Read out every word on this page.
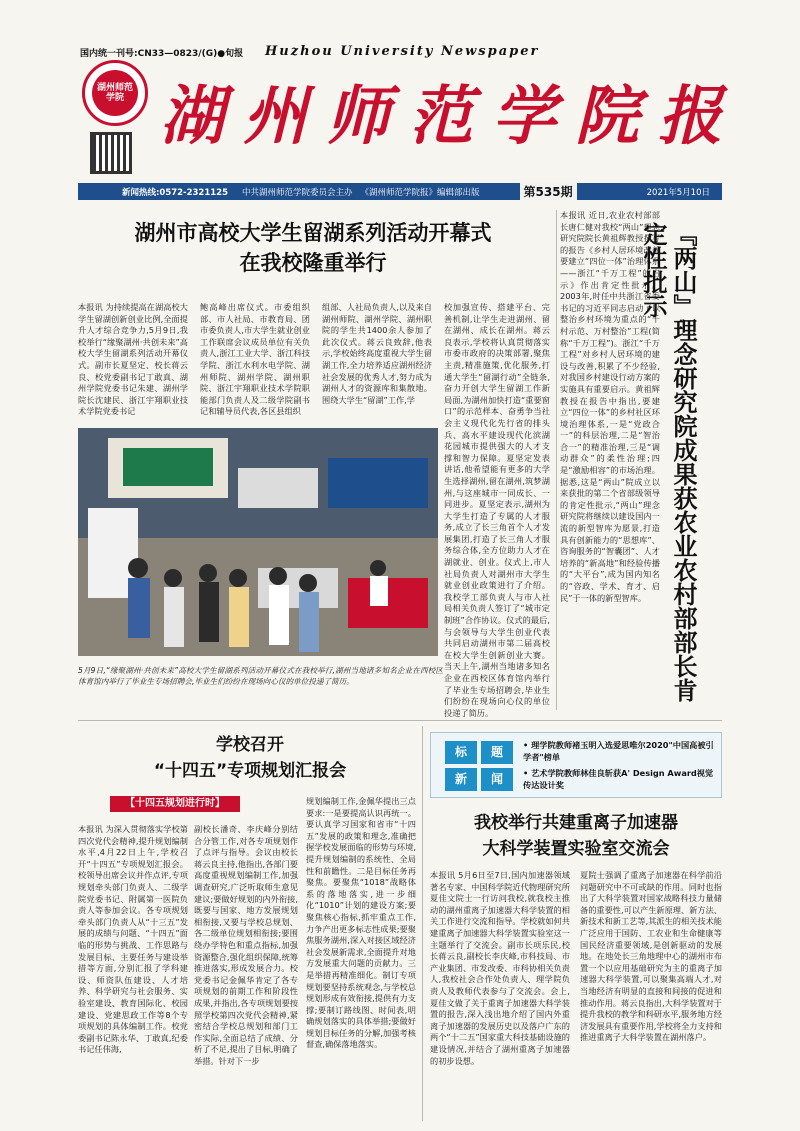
国内统一刊号:CN33—0823/(G)●旬报 Huzhou University Newspaper
湖州师范学院 湖 州 师 范 学 院 报
新闻热线:0572-2321125 中共湖州师范学院委员会主办 《湖州师范学院报》编辑部出版	第535期	2021年5月10日
湖州市高校大学生留湖系列活动开幕式
在我校隆重举行
本报讯 为持续提高在湖高校大学生留湖创新创业比例,全面提升人才综合竞争力,5月9日,我校举行“缘聚湖州·共创未来”高校大学生留湖系列活动开幕仪式。副市长夏坚定、校长蒋云良、校党委副书记丁敢真、湖州学院党委书记朱建、湖州学院长沈建民、浙江宇翔职业技术学院党委书记
鲍高峰出席仪式。市委组织部、市人社局、市教育局、团市委负责人,市大学生就业创业工作联席会议成员单位有关负责人,浙江工业大学、浙江科技学院、浙江水利水电学院、湖州师院、湖州学院、湖州职院、浙江宇翔职业技术学院职能部门负责人及二级学院副书记和辅导员代表,各区县组织
组部、人社局负责人,以及来自湖州师院、湖州学院、湖州职院的学生共1400余人参加了此次仪式。蒋云良致辞,他表示,学校始终高度重视大学生留湖工作,全力培养适应湖州经济社会发展的优秀人才,努力成为湖州人才的资源库和集散地。围绕大学生“留湖”工作,学
校加强宣传、搭建平台、完善机制,让学生走进湖州、留在湖州、成长在湖州。蒋云良表示,学校将认真贯彻落实市委市政府的决策部署,聚焦主责,精准施策,优化服务,打通大学生“留湖行动”全链条,奋力开创大学生留湖工作新局面,为湖州加快打造“重要窗口”的示范样本、奋勇争当社会主义现代化先行省的排头兵、高水平建设现代化滨湖花园城市提供强大的人才支撑和智力保障。夏坚定发表讲话,他希望能有更多的大学生选择湖州,留在湖州,筑梦湖州,与这座城市一同成长、一同进步。夏坚定表示,湖州为大学生打造了专属的人才服务,成立了长三角首个人才发展集团,打造了长三角人才服务综合体,全方位助力人才在湖就业、创业。仪式上,市人社局负责人对湖州市大学生就业创业政策进行了介绍。我校学工部负责人与市人社局相关负责人签订了“城市定制班”合作协议。仪式的最后,与会领导与大学生创业代表共同启动湖州市第二届高校在校大学生创新创业大赛。当天上午,湖州当地诸多知名企业在西校区体育馆内举行了毕业生专场招聘会,毕业生们纷纷在现场向心仪的单位投递了简历。
5月9日,“缘聚湖州·共创未来”高校大学生留湖系列活动开幕仪式在我校举行,湖州当地诸多知名企业在西校区体育馆内举行了毕业生专场招聘会,毕业生们纷纷在现场向心仪的单位投递了简历。
本报讯 近日,农业农村部部长唐仁健对我校“两山”理念研究院院长黄祖辉教授撰写的报告《乡村人居环境改善要建立“四位一体”治理体系——浙江“千万工程”的启示》作出肯定性批示。2003年,时任中共浙江省委书记的习近平同志启动了以整治乡村环境为重点的“千村示范、万村整治”工程(简称“千万工程”)。浙江“千万工程”对乡村人居环境的建设与改善,积累了不少经验,对我国乡村建设行动方案的实施具有重要启示。黄祖辉教授在报告中指出,要建立“四位一体”的乡村社区环境治理体系,一是“党政合一”的科层治理,二是“智治合一”的精准治理,三是“调动群众”的柔性治理;四是“激励相容”的市场治理。据悉,这是“两山”院成立以来获批的第二个省部级领导的肯定性批示,“两山”理念研究院将继续以建设国内一流的新型智库为愿景,打造具有创新能力的“思想库”、咨询服务的“智囊团”、人才培养的“新高地”和经验传播的“大平台”,成为国内知名的“咨政、学术、育才、启民”于一体的新型智库。 『两山』理念研究院成果获农业农村部部长肯定性批示
学校召开
“十四五”专项规划汇报会
【十四五规划进行时】
本报讯 为深入贯彻落实学校第四次党代会精神,提升规划编制水平,4月22日上午,学校召开“十四五”专项规划汇报会。校领导出席会议并作点评,专项规划牵头部门负责人、二级学院党委书记、附属第一医院负责人等参加会议。各专项规划牵头部门负责人从“十三五”发展的成绩与问题、“十四五”面临的形势与挑战、工作思路与发展目标、主要任务与建设举措等方面,分别汇报了学科建设、师资队伍建设、人才培养、科学研究与社会服务、实验室建设、教育国际化、校园建设、党建思政工作等8个专项规划的具体编制工作。校党委副书记陈永华、丁敢真,纪委书记任伟海,
副校长潘奇、李庆峰分别结合分管工作,对各专项规划作了点评与指导。会议由校长蒋云良主持,他指出,各部门要高度重视规划编制工作,加强调查研究,广泛听取师生意见建议;要做好规划的内外衔接,既要与国家、地方发展规划相衔接,又要与学校总规划、各二级单位规划相衔接;要围绕办学特色和重点指标,加强资源整合,强化组织保障,统筹推进落实,形成发展合力。校党委书记金佩华肯定了各专项规划的前期工作和阶段性成果,并指出,各专项规划要按照学校第四次党代会精神,紧密结合学校总规划和部门工作实际,全面总结了成绩、分析了不足,提出了目标,明确了举措。针对下一步
规划编制工作,金佩华提出三点要求:一是要提高认识再统一。要认真学习国家和省市“十四五”发展的政策和理念,准确把握学校发展面临的形势与环境,提升规划编制的系统性、全局性和前瞻性。二是目标任务再聚焦。要聚焦“1018”战略体系的落地落实,进一步细化“1010”计划的建设方案;要聚焦核心指标,抓牢重点工作,力争产出更多标志性成果;要聚焦服务湖州,深入对接区域经济社会发展新需求,全面提升对地方发展重大问题的贡献力。三是举措再精准细化。制订专项规划要坚持系统观念,与学校总规划形成有效衔接,提供有力支撑;要制订路线图、时间表,明确规划落实的具体举措;要做好规划目标任务的分解,加强考核督查,确保落地落实。
标	题
新	闻
• 理学院教师褚玉明入选爱思唯尔2020"中国高被引学者"榜单
• 艺术学院教师林佳良斩获A' Design Award视觉传达设计奖
我校举行共建重离子加速器
大科学装置实验室交流会
本报讯 5月6日至7日,国内加速器领域著名专家、中国科学院近代物理研究所夏佳文院士一行访问我校,就我校主推动的湖州重离子加速器大科学装置的相关工作进行交流和指导。学校就如何共建重离子加速器大科学装置实验室这一主题举行了交流会。副市长项乐民,校长蒋云良,副校长李庆峰,市科技局、市产业集团、市发改委、市科协相关负责人,我校社会合作处负责人、理学院负责人及教师代表参与了交流会。会上,夏佳文做了关于重离子加速器大科学装置的报告,深入浅出地介绍了国内外重离子加速器的发展历史以及落户广东的两个“十二五”国家重大科技基础设施的建设情况,并结合了湖州重离子加速器的初步设想。
夏院士强调了重离子加速器在科学前沿问题研究中不可或缺的作用。同时也指出了大科学装置对国家战略科技力量储备的重要性,可以产生新原理、新方法、新技术和新工艺等,其派生的相关技术能广泛应用于国防、工农业和生命健康等国民经济重要领域,是创新驱动的发展地。在地处长三角地理中心的湖州市布置一个以应用基础研究为主的重离子加速器大科学装置,可以聚集高端人才,对当地经济有明显的直接和间接的促进和推动作用。蒋云良指出,大科学装置对于提升我校的教学和科研水平,服务地方经济发展具有重要作用,学校将全力支持和推进重离子大科学装置在湖州落户。
